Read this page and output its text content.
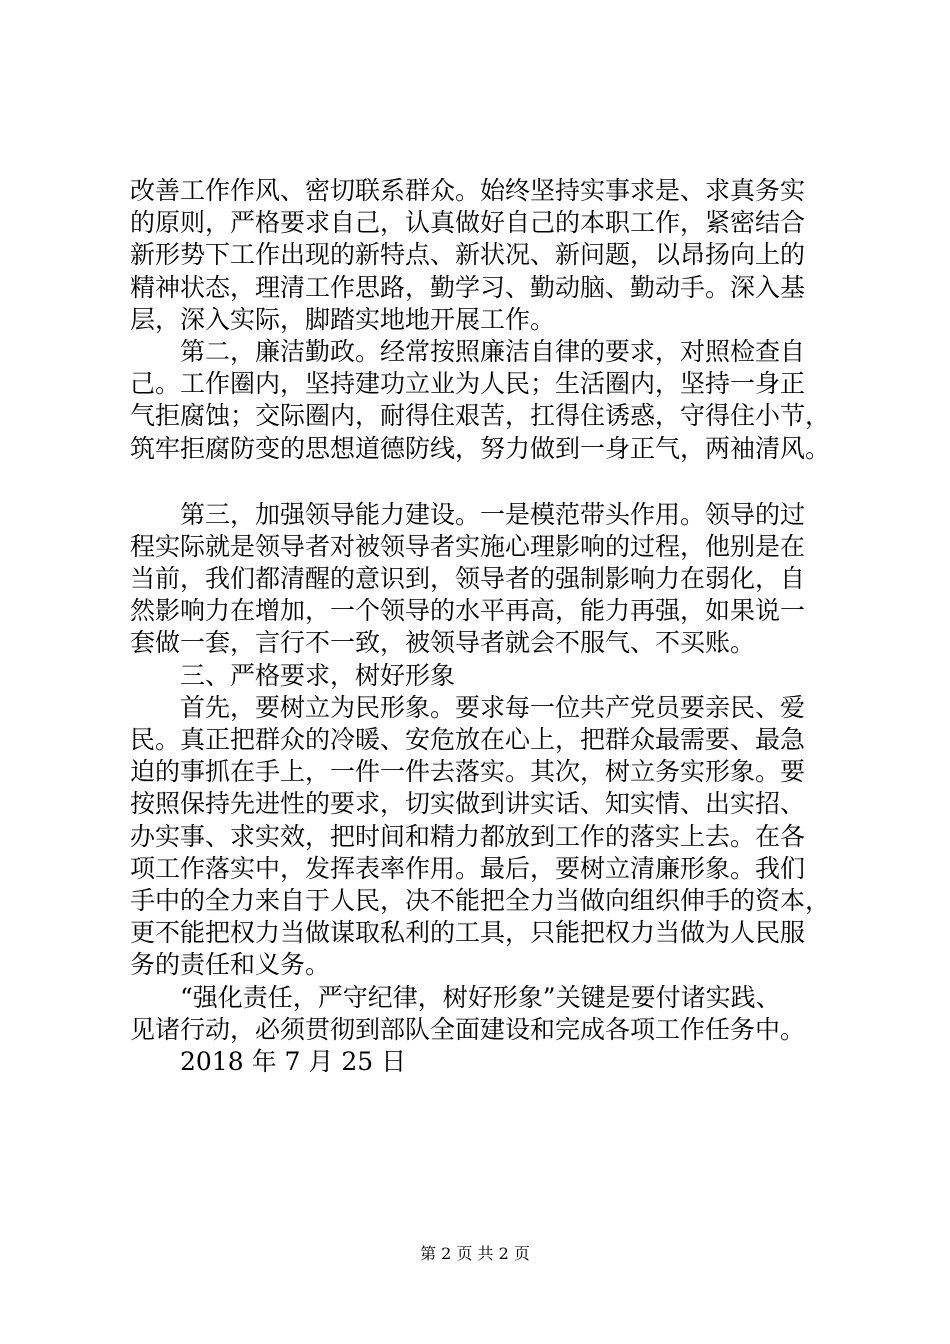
改善工作作风、密切联系群众。始终坚持实事求是、求真务实
的原则，严格要求自己，认真做好自己的本职工作，紧密结合
新形势下工作出现的新特点、新状况、新问题，以昂扬向上的
精神状态，理清工作思路，勤学习、勤动脑、勤动手。深入基
层，深入实际，脚踏实地地开展工作。
第二，廉洁勤政。经常按照廉洁自律的要求，对照检查自
己。工作圈内，坚持建功立业为人民；生活圈内，坚持一身正
气拒腐蚀；交际圈内，耐得住艰苦，扛得住诱惑，守得住小节，
筑牢拒腐防变的思想道德防线，努力做到一身正气，两袖清风。
第三，加强领导能力建设。一是模范带头作用。领导的过
程实际就是领导者对被领导者实施心理影响的过程，他别是在
当前，我们都清醒的意识到，领导者的强制影响力在弱化，自
然影响力在增加，一个领导的水平再高，能力再强，如果说一
套做一套，言行不一致，被领导者就会不服气、不买账。
三、严格要求，树好形象
首先，要树立为民形象。要求每一位共产党员要亲民、爱
民。真正把群众的冷暖、安危放在心上，把群众最需要、最急
迫的事抓在手上，一件一件去落实。其次，树立务实形象。要
按照保持先进性的要求，切实做到讲实话、知实情、出实招、
办实事、求实效，把时间和精力都放到工作的落实上去。在各
项工作落实中，发挥表率作用。最后，要树立清廉形象。我们
手中的全力来自于人民，决不能把全力当做向组织伸手的资本，
更不能把权力当做谋取私利的工具，只能把权力当做为人民服
务的责任和义务。
“强化责任，严守纪律，树好形象”关键是要付诸实践、
见诸行动，必须贯彻到部队全面建设和完成各项工作任务中。
2018 年 7 月 25 日
第 2 页 共 2 页
